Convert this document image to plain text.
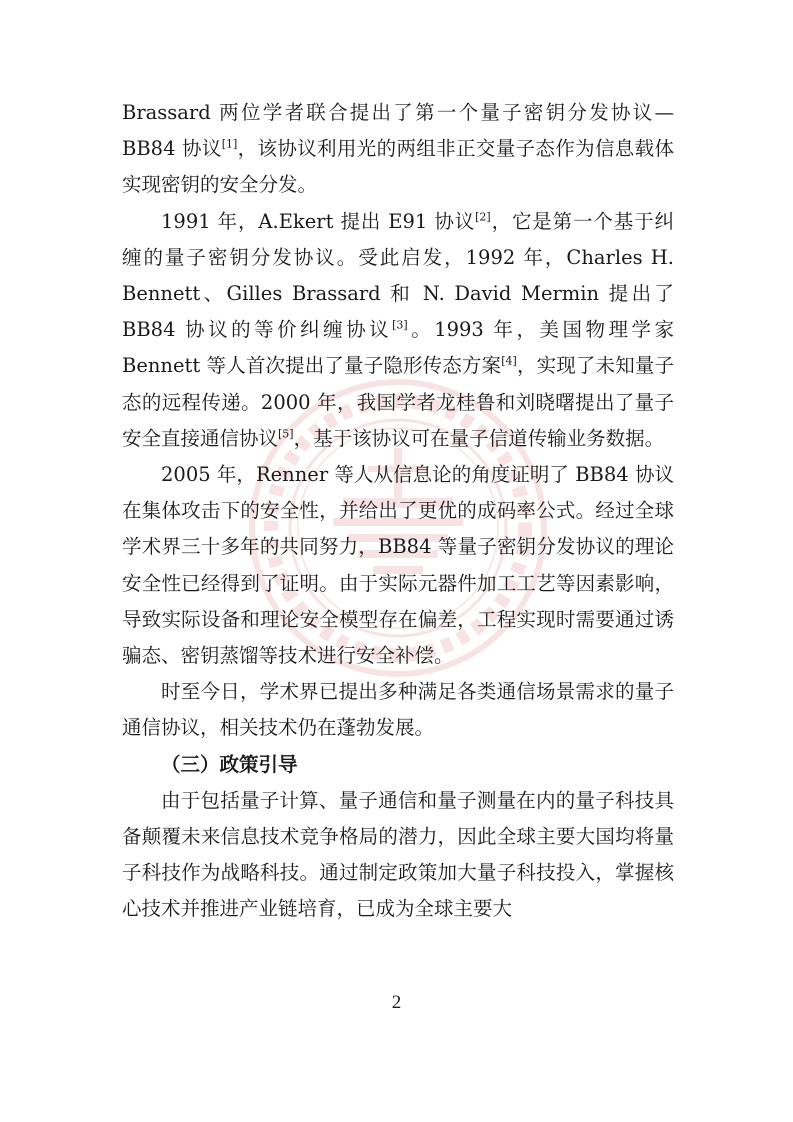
Brassard 两位学者联合提出了第一个量子密钥分发协议—BB84 协议[1]，该协议利用光的两组非正交量子态作为信息载体实现密钥的安全分发。

1991 年，A.Ekert 提出 E91 协议[2]，它是第一个基于纠缠的量子密钥分发协议。受此启发，1992 年，Charles H. Bennett、Gilles Brassard 和 N. David Mermin 提出了 BB84 协议的等价纠缠协议[3]。1993 年，美国物理学家 Bennett 等人首次提出了量子隐形传态方案[4]，实现了未知量子态的远程传递。2000 年，我国学者龙桂鲁和刘晓曙提出了量子安全直接通信协议[5]，基于该协议可在量子信道传输业务数据。

2005 年，Renner 等人从信息论的角度证明了 BB84 协议在集体攻击下的安全性，并给出了更优的成码率公式。经过全球学术界三十多年的共同努力，BB84 等量子密钥分发协议的理论安全性已经得到了证明。由于实际元器件加工工艺等因素影响，导致实际设备和理论安全模型存在偏差，工程实现时需要通过诱骗态、密钥蒸馏等技术进行安全补偿。

时至今日，学术界已提出多种满足各类通信场景需求的量子通信协议，相关技术仍在蓬勃发展。

（三）政策引导

由于包括量子计算、量子通信和量子测量在内的量子科技具备颠覆未来信息技术竞争格局的潜力，因此全球主要大国均将量子科技作为战略科技。通过制定政策加大量子科技投入，掌握核心技术并推进产业链培育，已成为全球主要大

2
